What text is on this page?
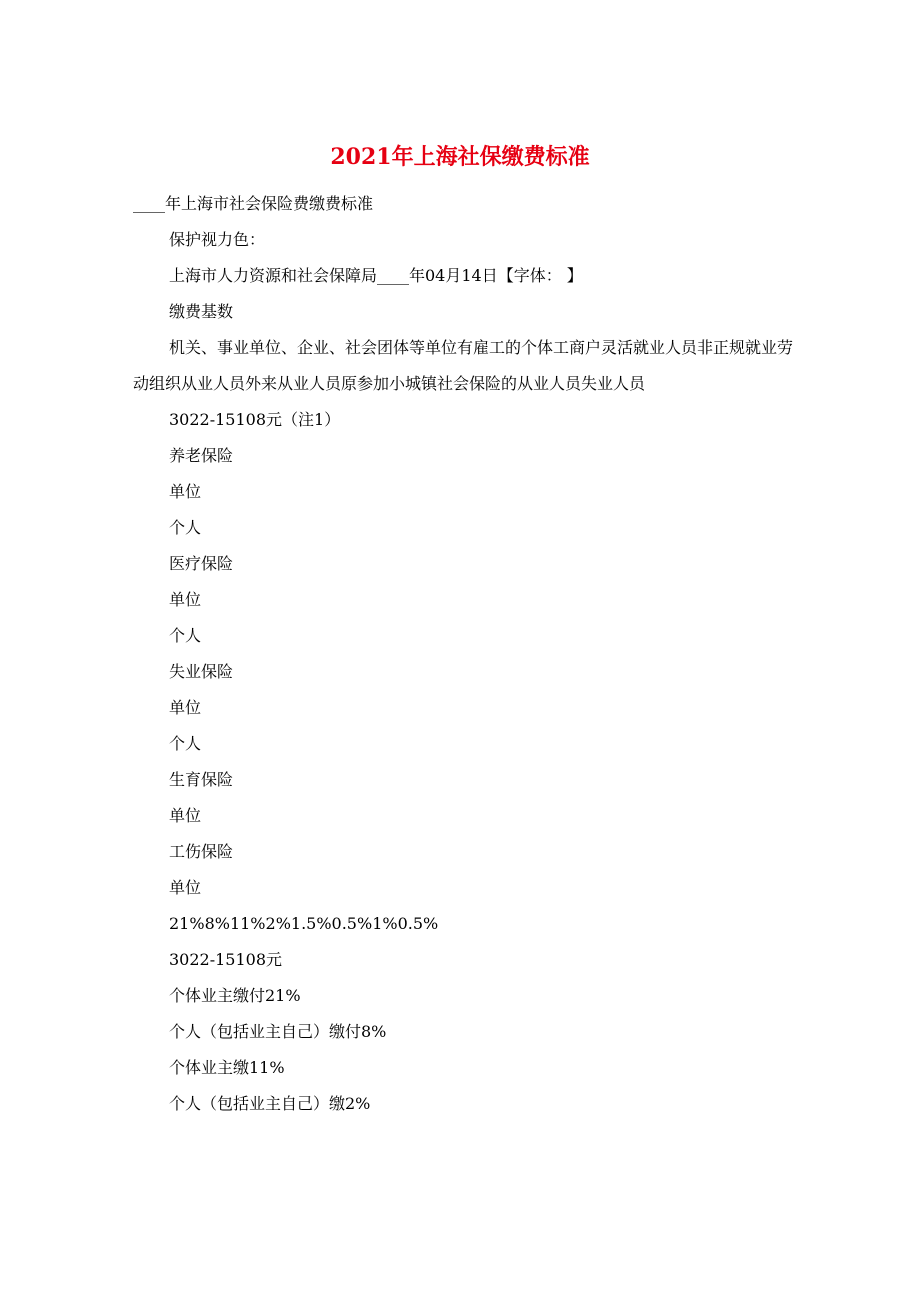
2021年上海社保缴费标准

____年上海市社会保险费缴费标准

保护视力色：

上海市人力资源和社会保障局____年04月14日【字体： 】

缴费基数

机关、事业单位、企业、社会团体等单位有雇工的个体工商户灵活就业人员非正规就业劳动组织从业人员外来从业人员原参加小城镇社会保险的从业人员失业人员

3022-15108元（注1）

养老保险

单位

个人

医疗保险

单位

个人

失业保险

单位

个人

生育保险

单位

工伤保险

单位

21%8%11%2%1.5%0.5%1%0.5%

3022-15108元

个体业主缴付21%

个人（包括业主自己）缴付8%

个体业主缴11%

个人（包括业主自己）缴2%
